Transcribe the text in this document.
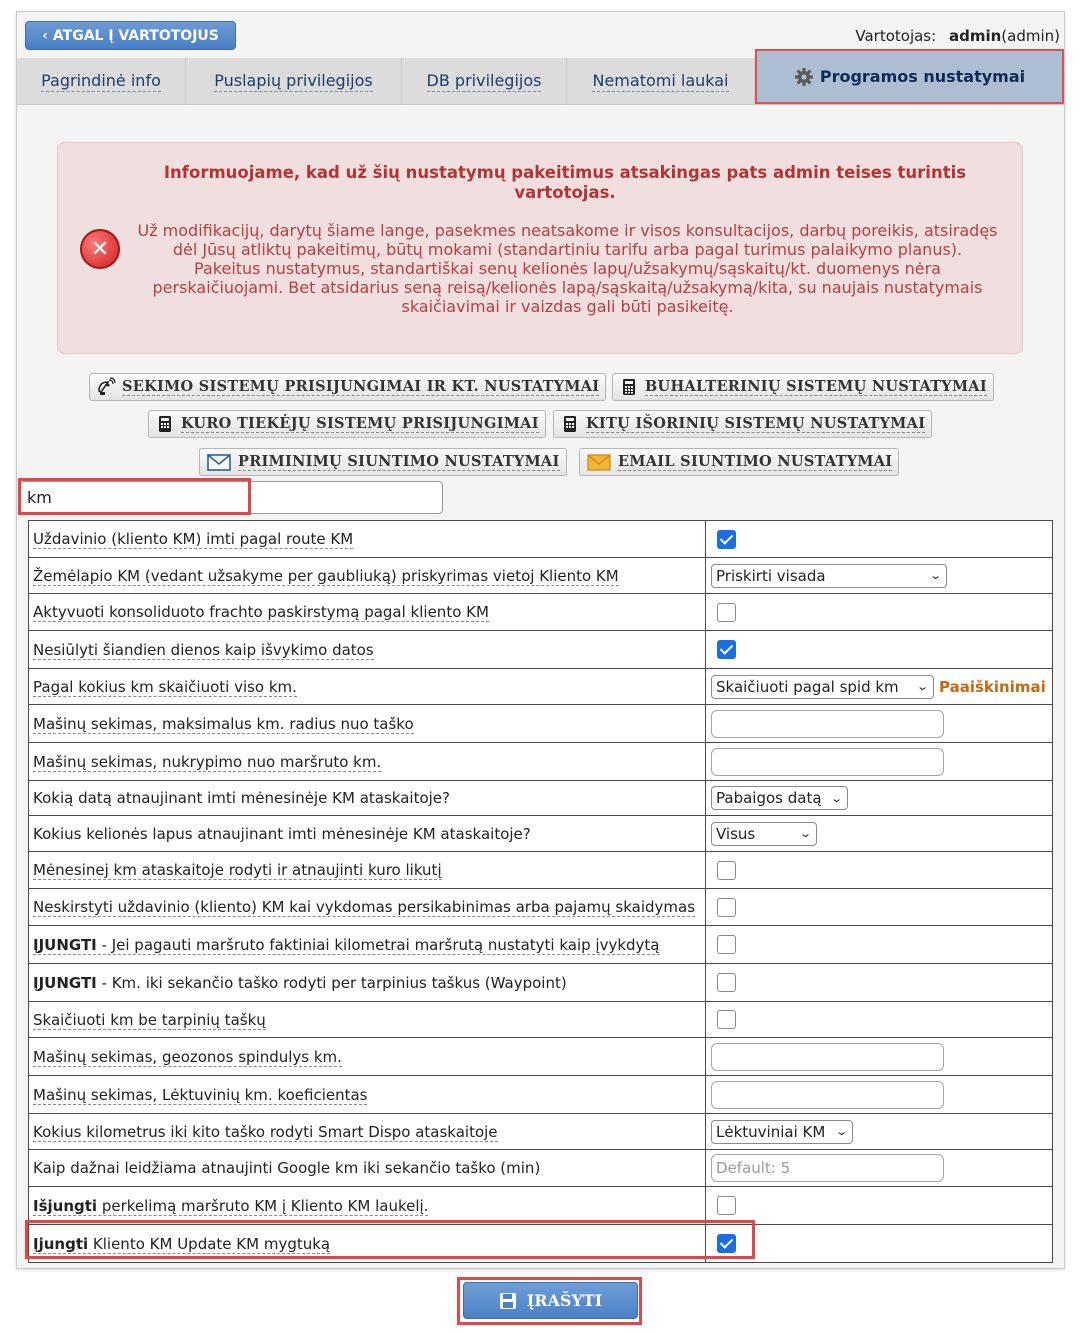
‹ ATGAL Į VARTOTOJUS	Vartotojas: admin(admin)
Pagrindinė info	Puslapių privilegijos	DB privilegijos	Nematomi laukai	Programos nustatymai
✕
Informuojame, kad už šių nustatymų pakeitimus atsakingas pats admin teises turintis vartotojas.
Už modifikacijų, darytų šiame lange, pasekmes neatsakome ir visos konsultacijos, darbų poreikis, atsiradęs
dėl Jūsų atliktų pakeitimų, būtų mokami (standartiniu tarifu arba pagal turimus palaikymo planus).
Pakeitus nustatymus, standartiškai senų kelionės lapų/užsakymų/sąskaitų/kt. duomenys nėra perskaičiuojami. Bet atsidarius seną reisą/kelionės lapą/sąskaitą/užsakymą/kita, su naujais nustatymais skaičiavimai ir vaizdas gali būti pasikeitę.
SEKIMO SISTEMŲ PRISIJUNGIMAI IR KT. NUSTATYMAI	BUHALTERINIŲ SISTEMŲ NUSTATYMAI
KURO TIEKĖJŲ SISTEMŲ PRISIJUNGIMAI	KITŲ IŠORINIŲ SISTEMŲ NUSTATYMAI
PRIMINIMŲ SIUNTIMO NUSTATYMAI	EMAIL SIUNTIMO NUSTATYMAI
km
Uždavinio (kliento KM) imti pagal route KM	

Žemėlapio KM (vedant užsakyme per gaubliuką) priskyrimas vietoj Kliento KM	Priskirti visada ⌄

Aktyvuoti konsoliduoto frachto paskirstymą pagal kliento KM	

Nesiūlyti šiandien dienos kaip išvykimo datos	

Pagal kokius km skaičiuoti viso km.	Skaičiuoti pagal spid km ⌄ Paaiškinimai
Mašinų sekimas, maksimalus km. radius nuo taško	

Mašinų sekimas, nukrypimo nuo maršruto km.	

Kokią datą atnaujinant imti mėnesinėje KM ataskaitoje?	Pabaigos datą ⌄

Kokius kelionės lapus atnaujinant imti mėnesinėje KM ataskaitoje?	Visus ⌄

Mėnesinej km ataskaitoje rodyti ir atnaujinti kuro likutį	

Neskirstyti uždavinio (kliento) KM kai vykdomas persikabinimas arba pajamų skaidymas	

ĮJUNGTI - Jei pagauti maršruto faktiniai kilometrai maršrutą nustatyti kaip įvykdytą	

ĮJUNGTI - Km. iki sekančio taško rodyti per tarpinius taškus (Waypoint)	

Skaičiuoti km be tarpinių taškų	

Mašinų sekimas, geozonos spindulys km.	

Mašinų sekimas, Lėktuvinių km. koeficientas	

Kokius kilometrus iki kito taško rodyti Smart Dispo ataskaitoje	Lėktuviniai KM ⌄

Kaip dažnai leidžiama atnaujinti Google km iki sekančio taško (min)	Default: 5

Išjungti perkelimą maršruto KM į Kliento KM laukelį.	

Įjungti Kliento KM Update KM mygtuką	
ĮRAŠYTI
